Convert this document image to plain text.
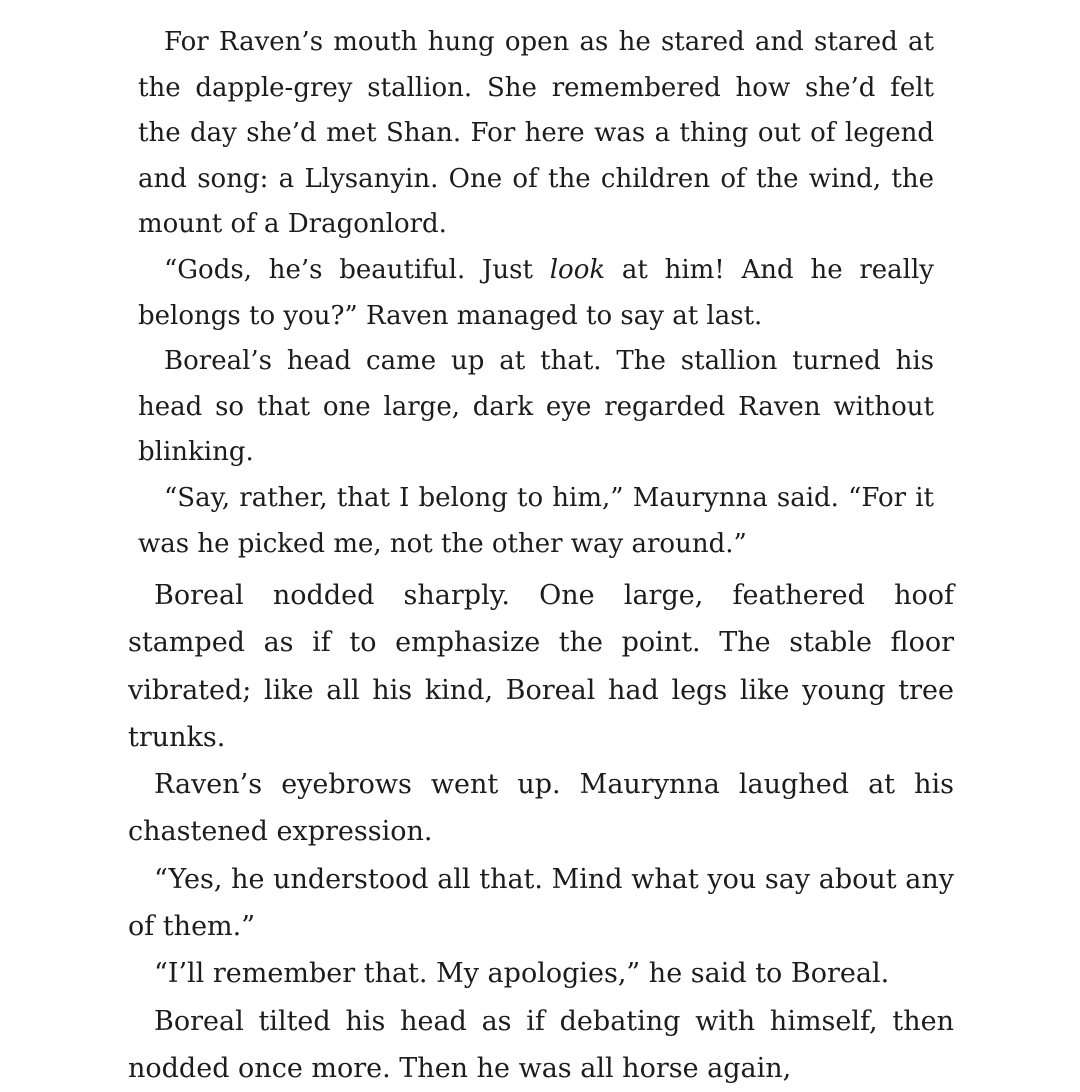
For Raven’s mouth hung open as he stared and stared at the dapple-grey stallion. She remembered how she’d felt the day she’d met Shan. For here was a thing out of legend and song: a Llysanyin. One of the children of the wind, the mount of a Dragonlord.

“Gods, he’s beautiful. Just look at him! And he really belongs to you?” Raven managed to say at last.

Boreal’s head came up at that. The stallion turned his head so that one large, dark eye regarded Raven without blinking.

“Say, rather, that I belong to him,” Maurynna said. “For it was he picked me, not the other way around.”

Boreal nodded sharply. One large, feathered hoof stamped as if to emphasize the point. The stable floor vibrated; like all his kind, Boreal had legs like young tree trunks.

Raven’s eyebrows went up. Maurynna laughed at his chastened expression.

“Yes, he understood all that. Mind what you say about any of them.”

“I’ll remember that. My apologies,” he said to Boreal.

Boreal tilted his head as if debating with himself, then nodded once more. Then he was all horse again,
